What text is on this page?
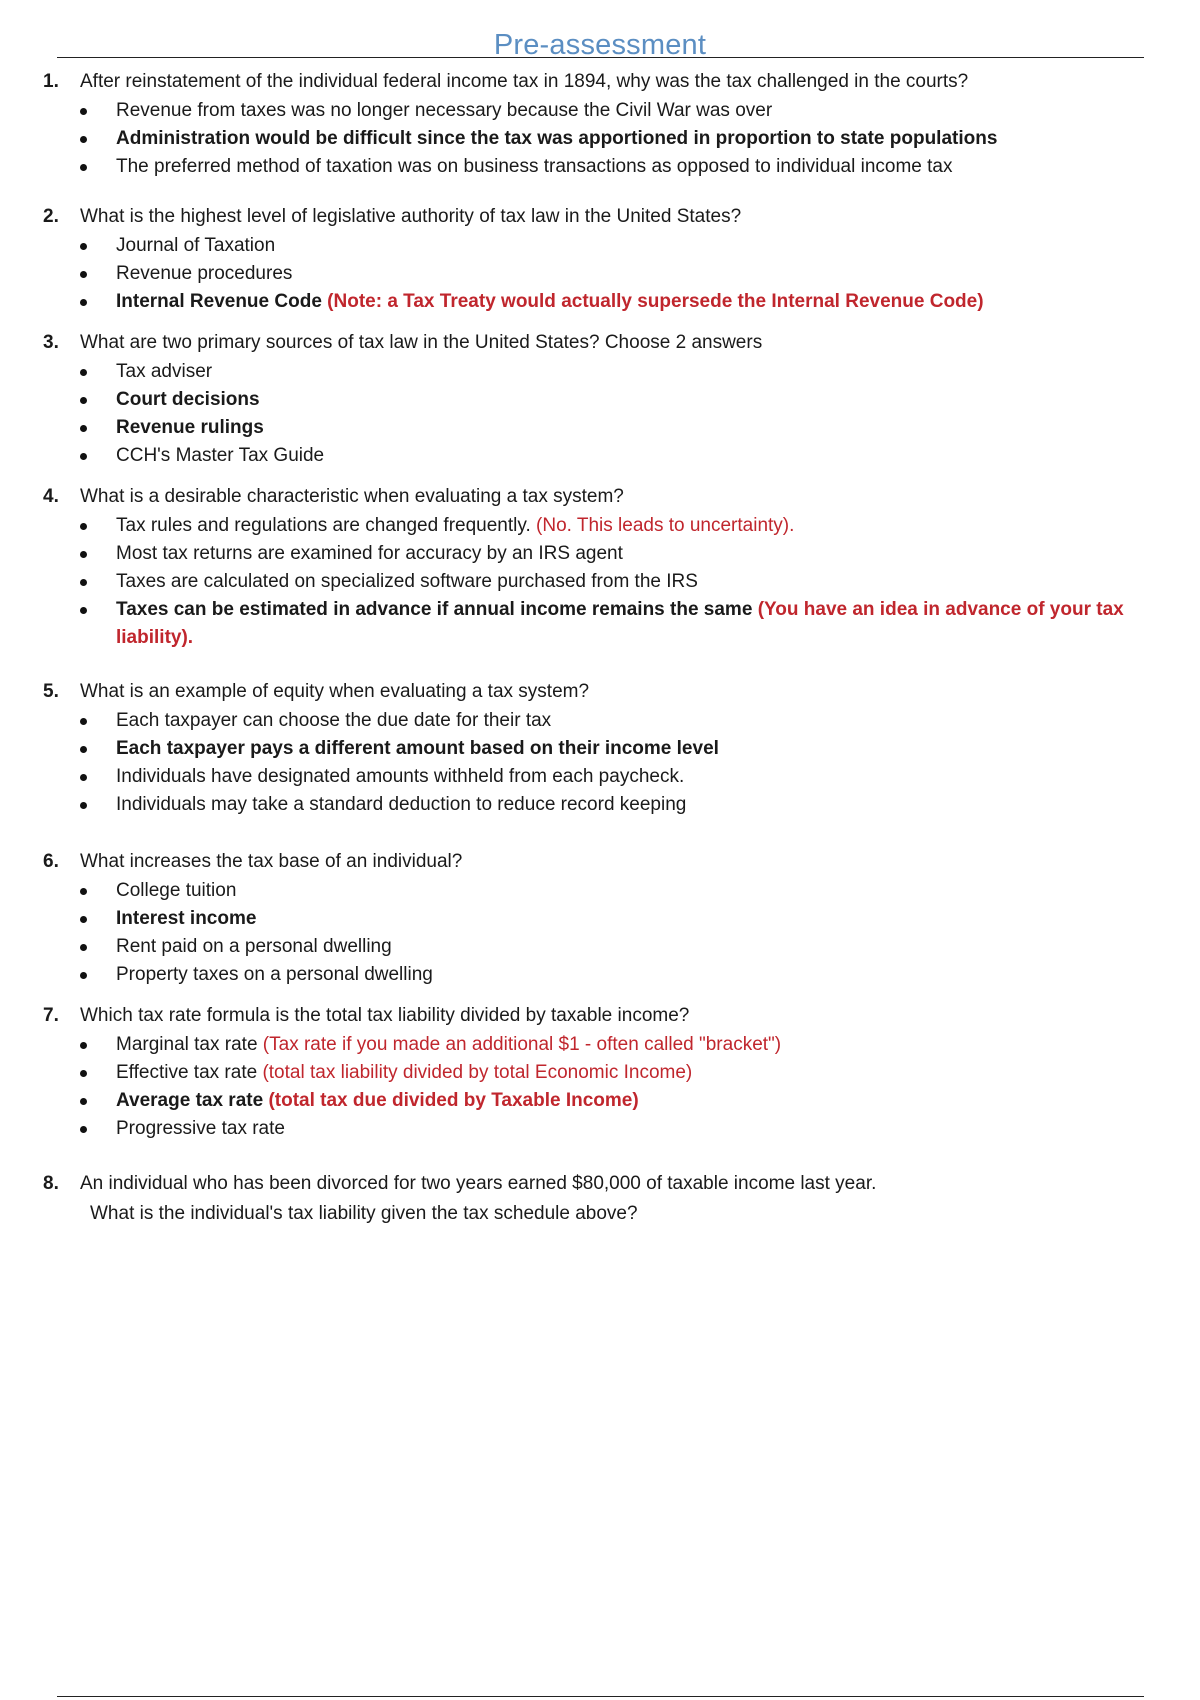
Pre-assessment
1. After reinstatement of the individual federal income tax in 1894, why was the tax challenged in the courts?
Revenue from taxes was no longer necessary because the Civil War was over
Administration would be difficult since the tax was apportioned in proportion to state populations
The preferred method of taxation was on business transactions as opposed to individual income tax
2. What is the highest level of legislative authority of tax law in the United States?
Journal of Taxation
Revenue procedures
Internal Revenue Code (Note: a Tax Treaty would actually supersede the Internal Revenue Code)
3. What are two primary sources of tax law in the United States? Choose 2 answers
Tax adviser
Court decisions
Revenue rulings
CCH's Master Tax Guide
4. What is a desirable characteristic when evaluating a tax system?
Tax rules and regulations are changed frequently. (No. This leads to uncertainty).
Most tax returns are examined for accuracy by an IRS agent
Taxes are calculated on specialized software purchased from the IRS
Taxes can be estimated in advance if annual income remains the same (You have an idea in advance of your tax liability).
5. What is an example of equity when evaluating a tax system?
Each taxpayer can choose the due date for their tax
Each taxpayer pays a different amount based on their income level
Individuals have designated amounts withheld from each paycheck.
Individuals may take a standard deduction to reduce record keeping
6. What increases the tax base of an individual?
College tuition
Interest income
Rent paid on a personal dwelling
Property taxes on a personal dwelling
7. Which tax rate formula is the total tax liability divided by taxable income?
Marginal tax rate (Tax rate if you made an additional $1 - often called "bracket")
Effective tax rate (total tax liability divided by total Economic Income)
Average tax rate (total tax due divided by Taxable Income)
Progressive tax rate
8. An individual who has been divorced for two years earned $80,000 of taxable income last year.
What is the individual's tax liability given the tax schedule above?
